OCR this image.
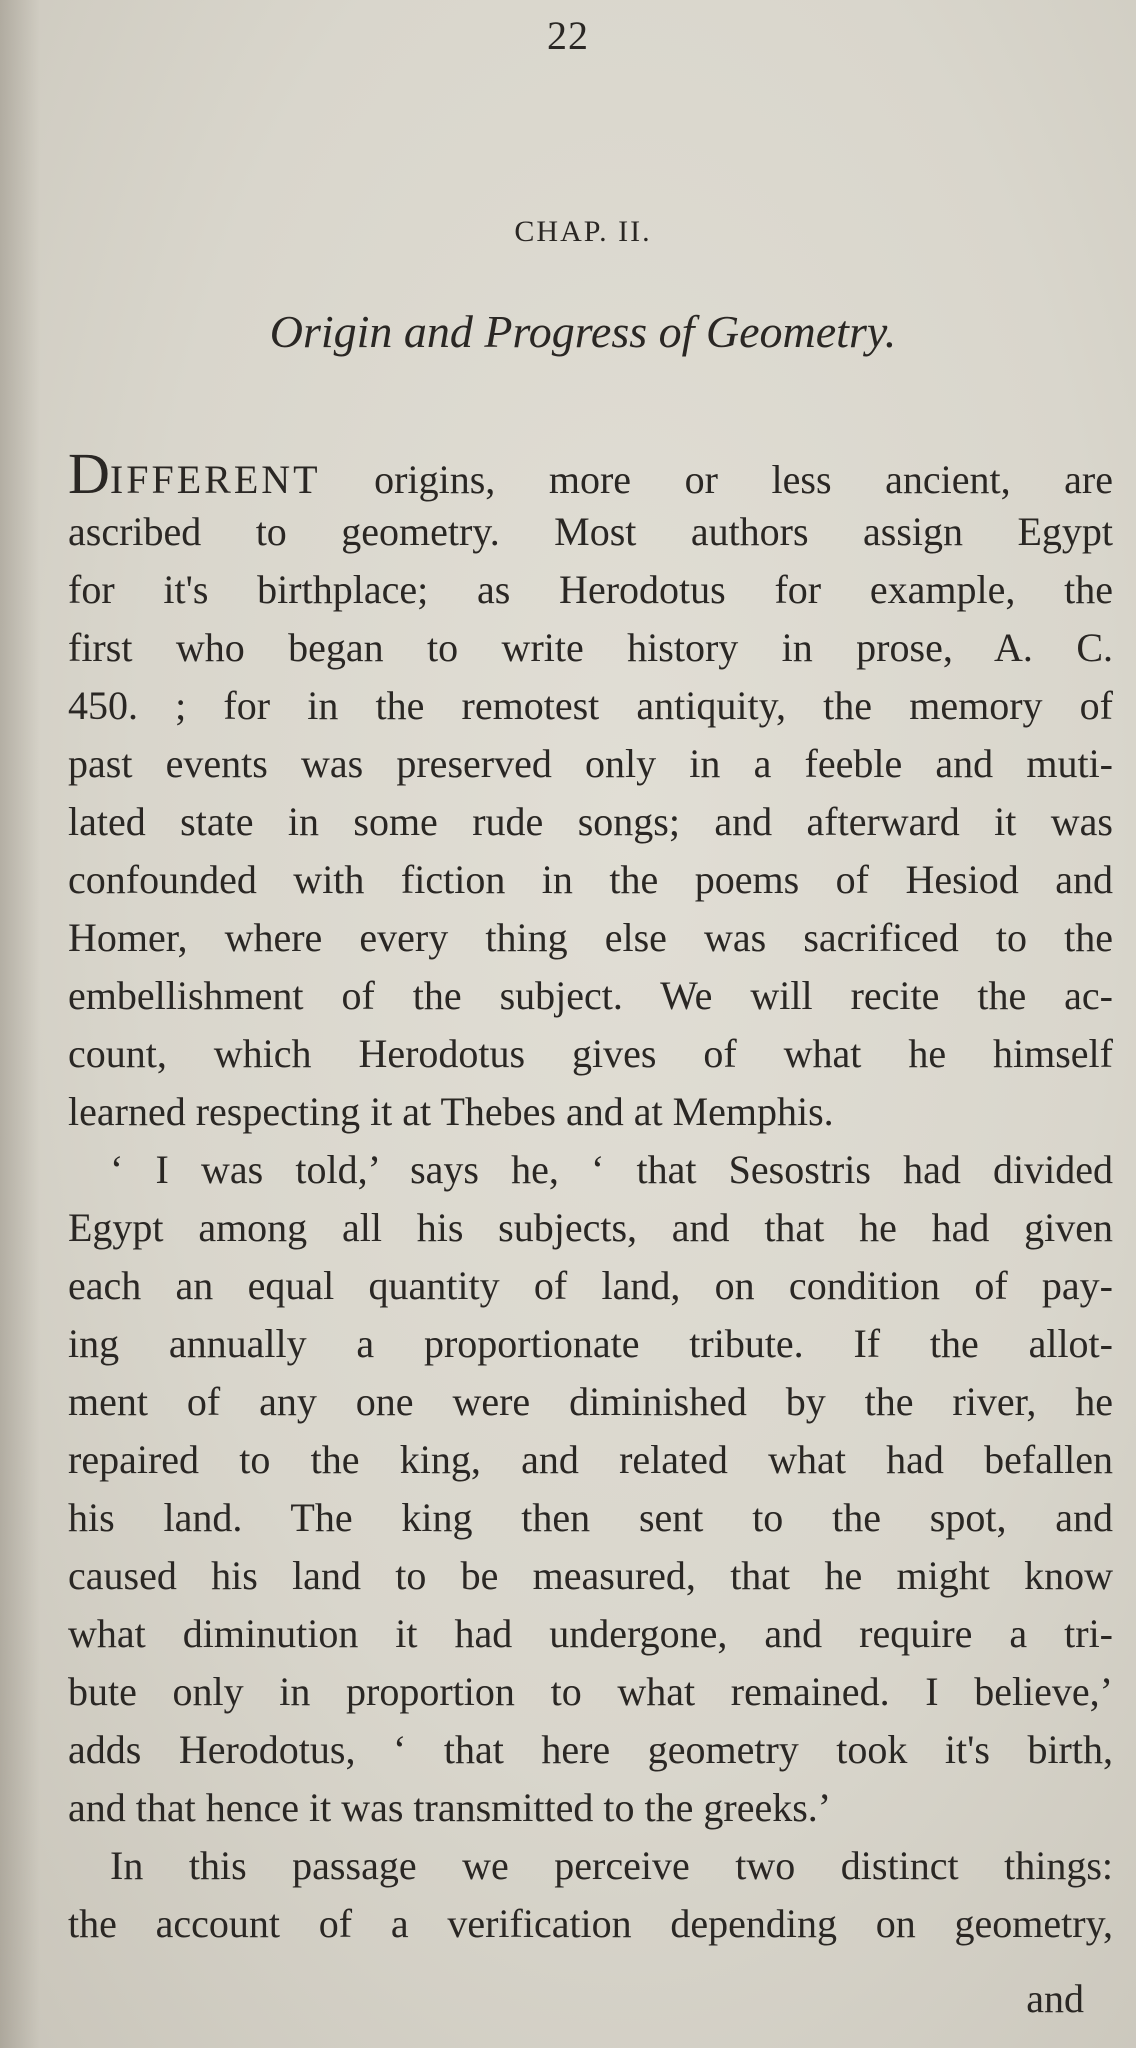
22
CHAP. II.
Origin and Progress of Geometry.
DIFFERENT origins, more or less ancient, are
ascribed to geometry. Most authors assign Egypt
for it's birthplace; as Herodotus for example, the
first who began to write history in prose, A. C.
450. ; for in the remotest antiquity, the memory of
past events was preserved only in a feeble and muti-
lated state in some rude songs; and afterward it was
confounded with fiction in the poems of Hesiod and
Homer, where every thing else was sacrificed to the
embellishment of the subject. We will recite the ac-
count, which Herodotus gives of what he himself
learned respecting it at Thebes and at Memphis.
‘ I was told,’ says he, ‘ that Sesostris had divided
Egypt among all his subjects, and that he had given
each an equal quantity of land, on condition of pay-
ing annually a proportionate tribute. If the allot-
ment of any one were diminished by the river, he
repaired to the king, and related what had befallen
his land. The king then sent to the spot, and
caused his land to be measured, that he might know
what diminution it had undergone, and require a tri-
bute only in proportion to what remained. I believe,’
adds Herodotus, ‘ that here geometry took it's birth,
and that hence it was transmitted to the greeks.’
In this passage we perceive two distinct things:
the account of a verification depending on geometry,
and
